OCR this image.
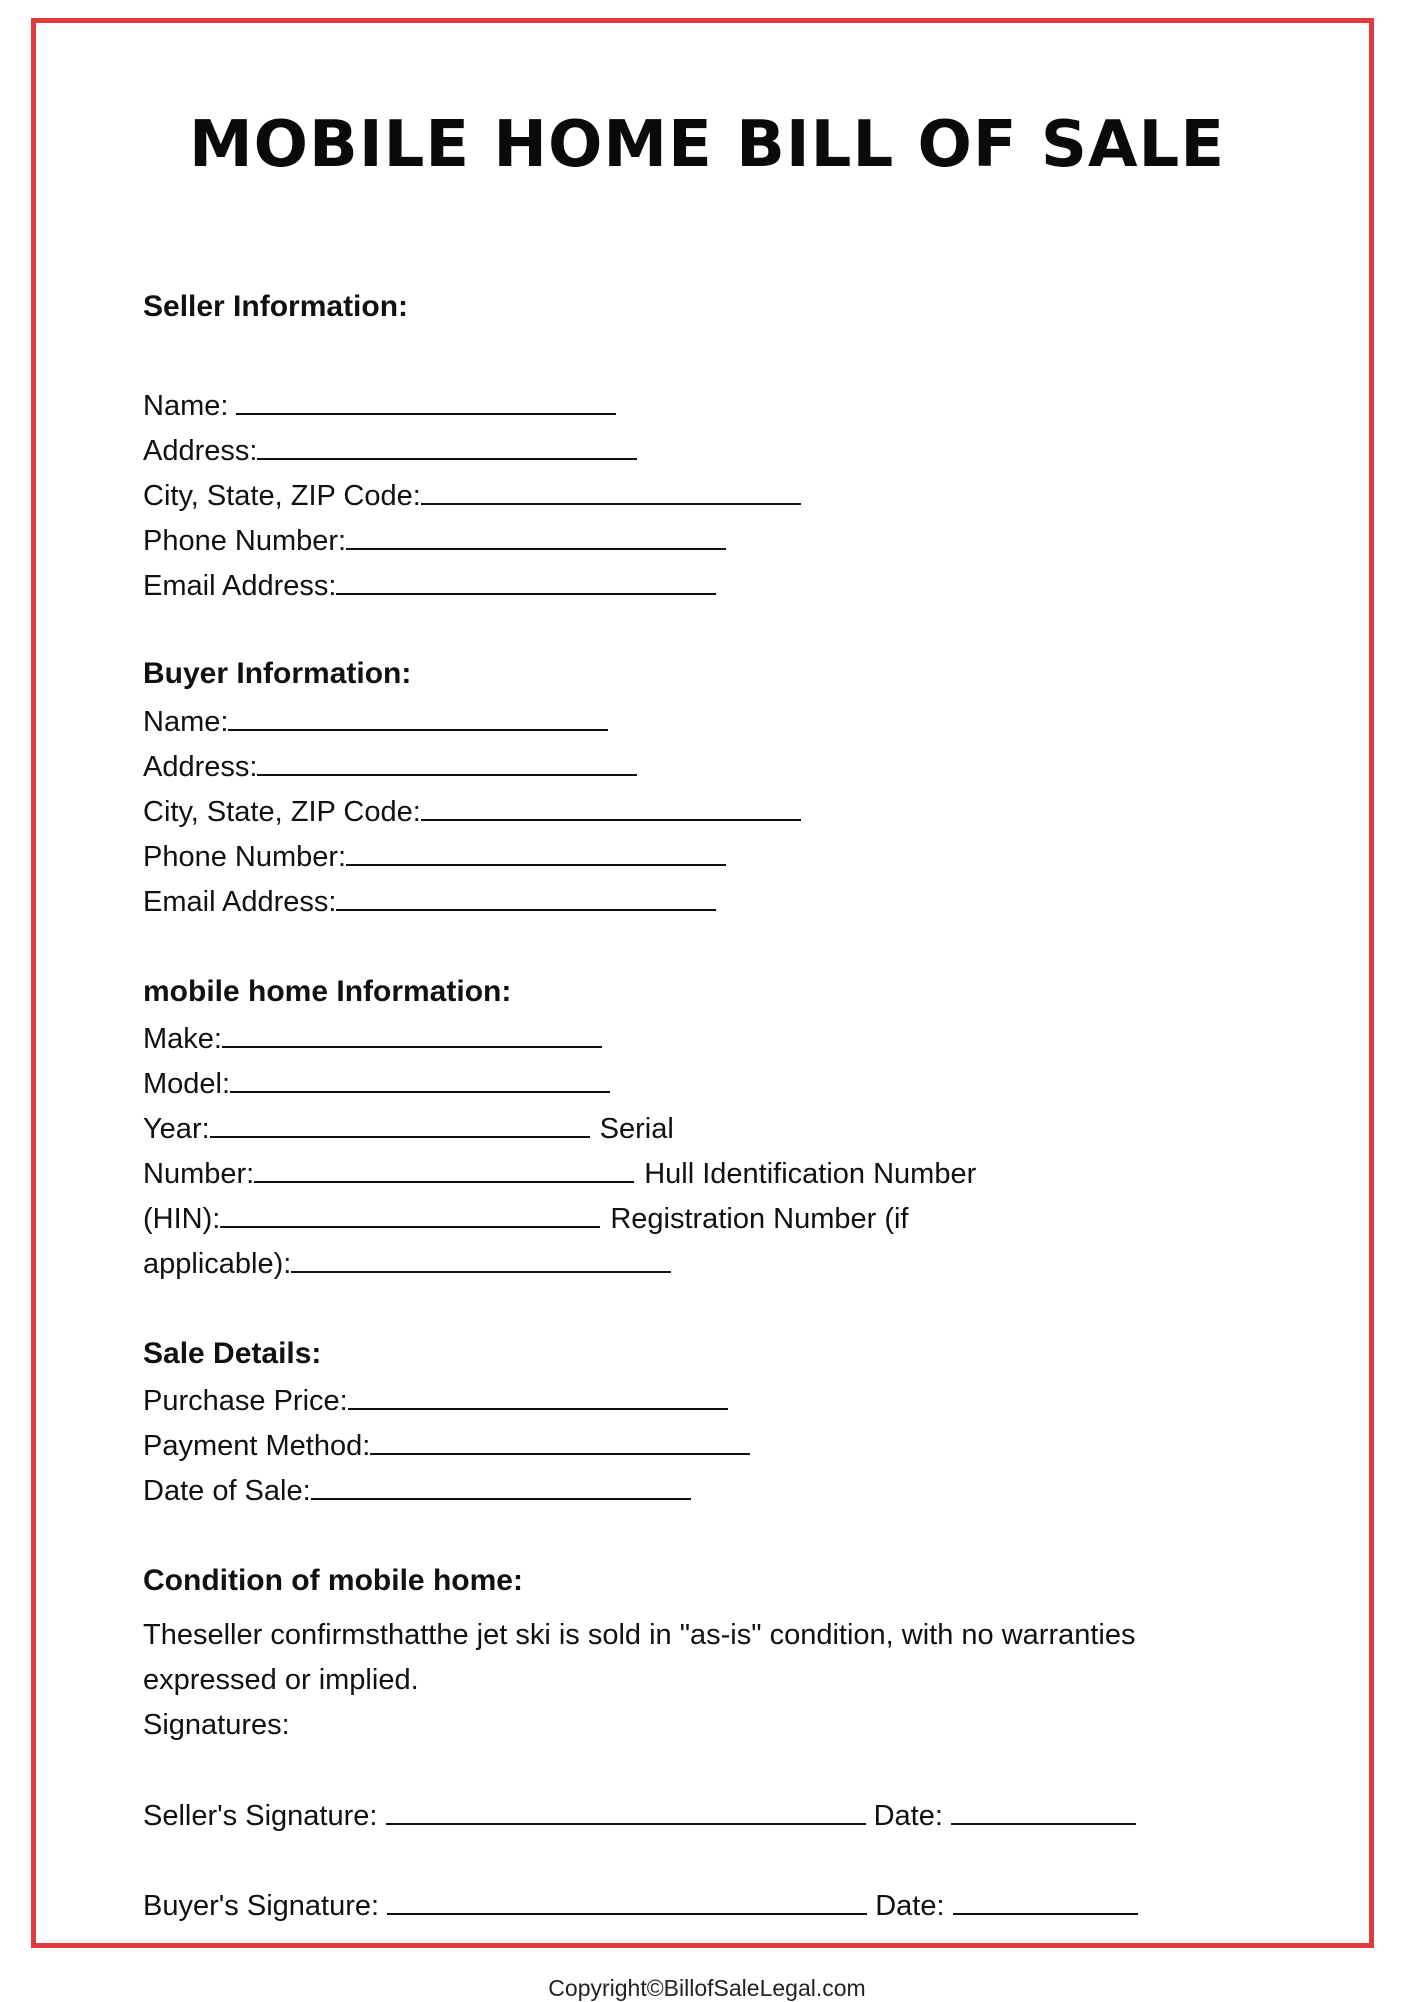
MOBILE HOME BILL OF SALE
Seller Information:
Name:
Address:
City, State, ZIP Code:
Phone Number:
Email Address:
Buyer Information:
Name:
Address:
City, State, ZIP Code:
Phone Number:
Email Address:
mobile home Information:
Make:
Model:
Year:	Serial
Number:	Hull Identification Number
(HIN):	Registration Number (if
applicable):
Sale Details:
Purchase Price:
Payment Method:
Date of Sale:
Condition of mobile home:
Theseller confirmsthatthe jet ski is sold in "as-is" condition, with no warranties
expressed or implied.
Signatures:
Seller's Signature:	Date:
Buyer's Signature:	Date:
Copyright©BillofSaleLegal.com
